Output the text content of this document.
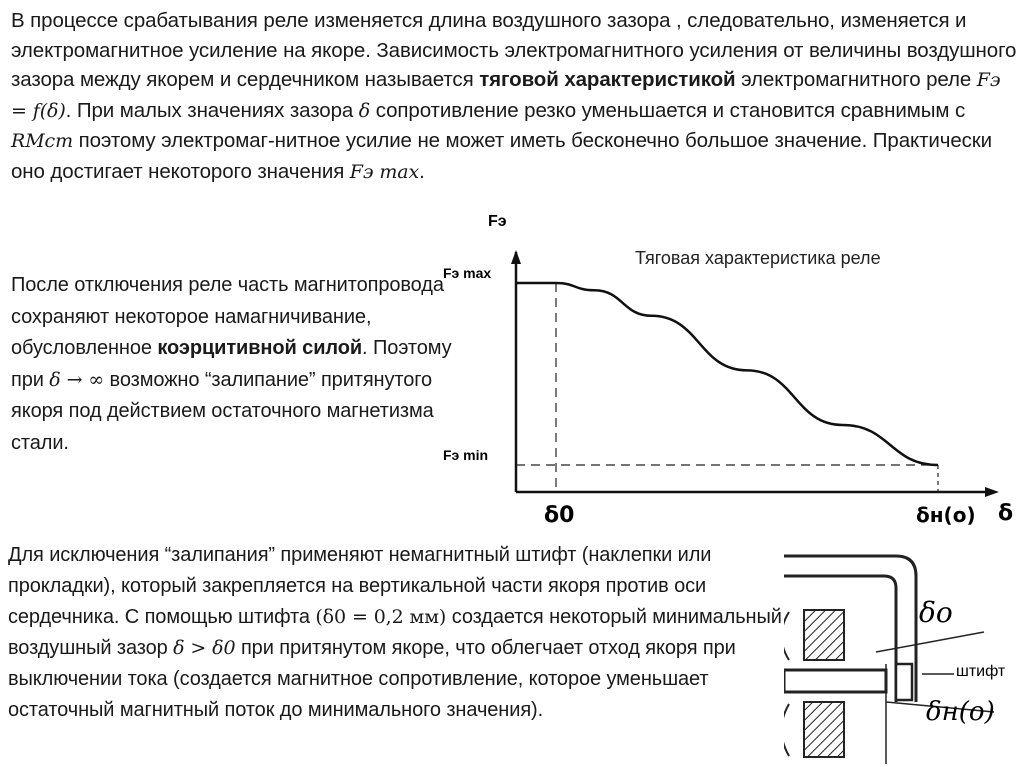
В процессе срабатывания реле изменяется длина воздушного зазора , следовательно, изменяется и электромагнитное усиление на якоре. Зависимость электромагнитного усиления от величины воздушного зазора между якорем и сердечником называется тяговой характеристикой электромагнитного реле Fэ = f(δ). При малых значениях зазора δ сопротивление резко уменьшается и становится сравнимым с RМст поэтому электромаг-нитное усилие не может иметь бесконечно большое значение. Практически оно достигает некоторого значения Fэ max.

После отключения реле часть магнитопровода сохраняют некоторое намагничивание, обусловленное коэрцитивной силой. Поэтому при δ → ∞ возможно “залипание” притянутого якоря под действием остаточного магнетизма стали.

Для исключения “залипания” применяют немагнитный штифт (наклепки или прокладки), который закрепляется на вертикальной части якоря против оси сердечника. С помощью штифта (δ0 = 0,2 мм) создается некоторый минимальный воздушный зазор δ > δ0 при притянутом якоре, что облегчает отход якоря при выключении тока (создается магнитное сопротивление, которое уменьшает остаточный магнитный поток до минимального значения).

Тяговая характеристика реле
Fэ
Fэ max
Fэ min
δ0	δн(о) δ
δо
штифт
δн(о)
